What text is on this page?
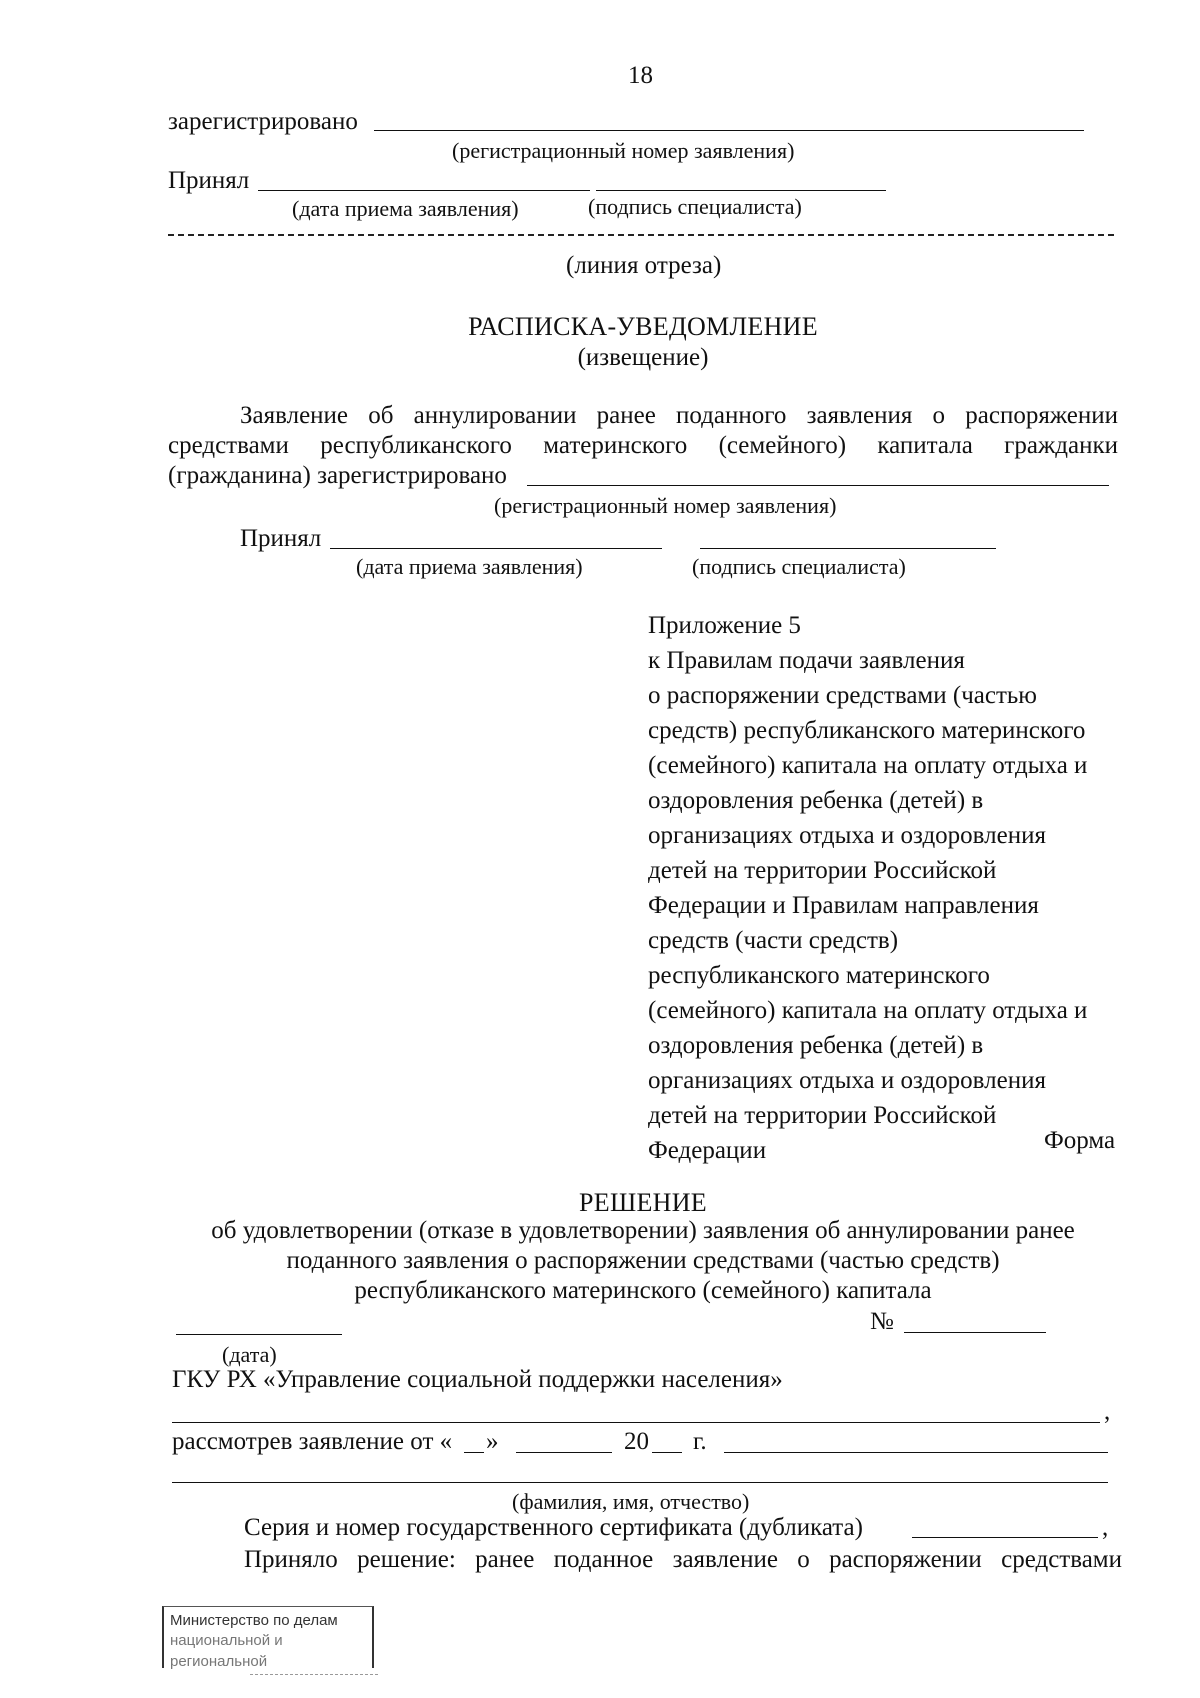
18
зарегистрировано
(регистрационный номер заявления)
Принял
(дата приема заявления)	(подпись специалиста)
(линия отреза)
РАСПИСКА-УВЕДОМЛЕНИЕ
(извещение)
Заявление об аннулировании ранее поданного заявления о распоряжении
средствами республиканского материнского (семейного) капитала гражданки
(гражданина) зарегистрировано
(регистрационный номер заявления)
Принял
(дата приема заявления)	(подпись специалиста)
Приложение 5
к Правилам подачи заявления
о распоряжении средствами (частью
средств) республиканского материнского
(семейного) капитала на оплату отдыха и
оздоровления ребенка (детей) в
организациях отдыха и оздоровления
детей на территории Российской
Федерации и Правилам направления
средств (части средств)
республиканского материнского
(семейного) капитала на оплату отдыха и
оздоровления ребенка (детей) в
организациях отдыха и оздоровления
детей на территории Российской
Федерации	Форма
РЕШЕНИЕ
об удовлетворении (отказе в удовлетворении) заявления об аннулировании ранее
поданного заявления о распоряжении средствами (частью средств)
республиканского материнского (семейного) капитала
№
(дата)
ГКУ РХ «Управление социальной поддержки населения»
,
рассмотрев заявление от « »	20 г.
(фамилия, имя, отчество)
Серия и номер государственного сертификата (дубликата)	,
Приняло решение: ранее поданное заявление о распоряжении средствами
Министерство по делам
национальной и региональной
